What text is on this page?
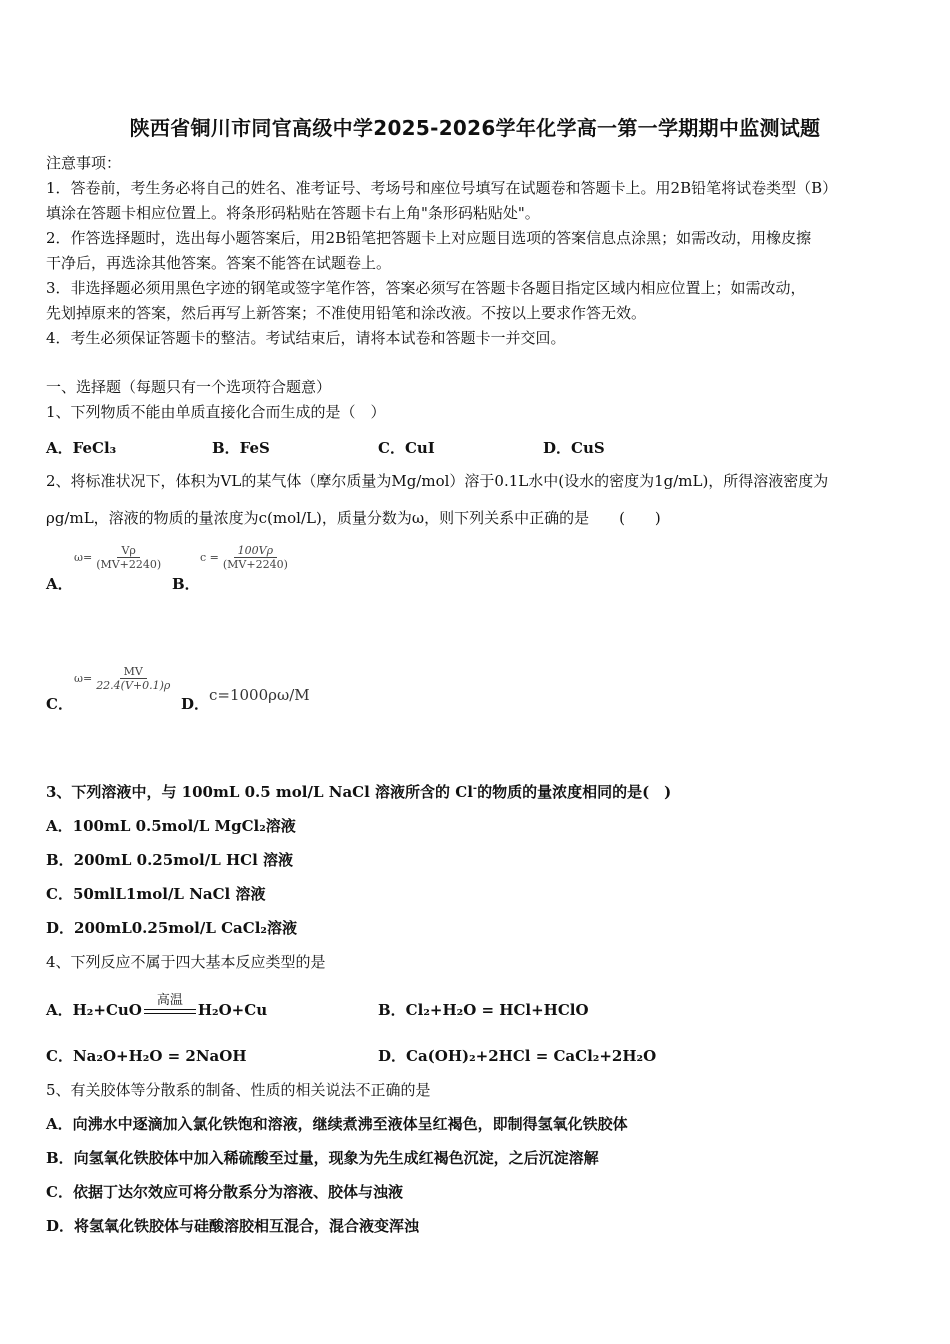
陕西省铜川市同官高级中学2025-2026学年化学高一第一学期期中监测试题
注意事项：
1．答卷前，考生务必将自己的姓名、准考证号、考场号和座位号填写在试题卷和答题卡上。用2B铅笔将试卷类型（B）
填涂在答题卡相应位置上。将条形码粘贴在答题卡右上角"条形码粘贴处"。
2．作答选择题时，选出每小题答案后，用2B铅笔把答题卡上对应题目选项的答案信息点涂黑；如需改动，用橡皮擦
干净后，再选涂其他答案。答案不能答在试题卷上。
3．非选择题必须用黑色字迹的钢笔或签字笔作答，答案必须写在答题卡各题目指定区域内相应位置上；如需改动，
先划掉原来的答案，然后再写上新答案；不准使用铅笔和涂改液。不按以上要求作答无效。
4．考生必须保证答题卡的整洁。考试结束后，请将本试卷和答题卡一并交回。
一、选择题（每题只有一个选项符合题意）
1、下列物质不能由单质直接化合而生成的是（　）
A．FeCl₃	B．FeS	C．CuI	D．CuS
2、将标准状况下，体积为VL的某气体（摩尔质量为Mg/mol）溶于0.1L水中(设水的密度为1g/mL)，所得溶液密度为
ρg/mL，溶液的物质的量浓度为c(mol/L)，质量分数为ω，则下列关系中正确的是　　(　　)
A．
$\omega= \frac{V\rho}{(MV+2240)}$
B．
$c = \frac{100V\rho}{(MV+2240)}$
C．
$\omega= \frac{MV}{22.4(V+0.1)\rho}$
D． c=1000ρω/M
3、下列溶液中，与 100mL 0.5 mol/L NaCl 溶液所含的 Cl-的物质的量浓度相同的是(　)
A．100mL 0.5mol/L MgCl₂溶液
B．200mL 0.25mol/L HCl 溶液
C．50mlL1mol/L NaCl 溶液
D．200mL0.25mol/L CaCl₂溶液
4、下列反应不属于四大基本反应类型的是
A．H₂+CuO
高温
H₂O+Cu	B．Cl₂+H₂O = HCl+HClO
C．Na₂O+H₂O = 2NaOH	D．Ca(OH)₂+2HCl = CaCl₂+2H₂O
5、有关胶体等分散系的制备、性质的相关说法不正确的是
A．向沸水中逐滴加入氯化铁饱和溶液，继续煮沸至液体呈红褐色，即制得氢氧化铁胶体
B．向氢氧化铁胶体中加入稀硫酸至过量，现象为先生成红褐色沉淀，之后沉淀溶解
C．依据丁达尔效应可将分散系分为溶液、胶体与浊液
D．将氢氧化铁胶体与硅酸溶胶相互混合，混合液变浑浊
